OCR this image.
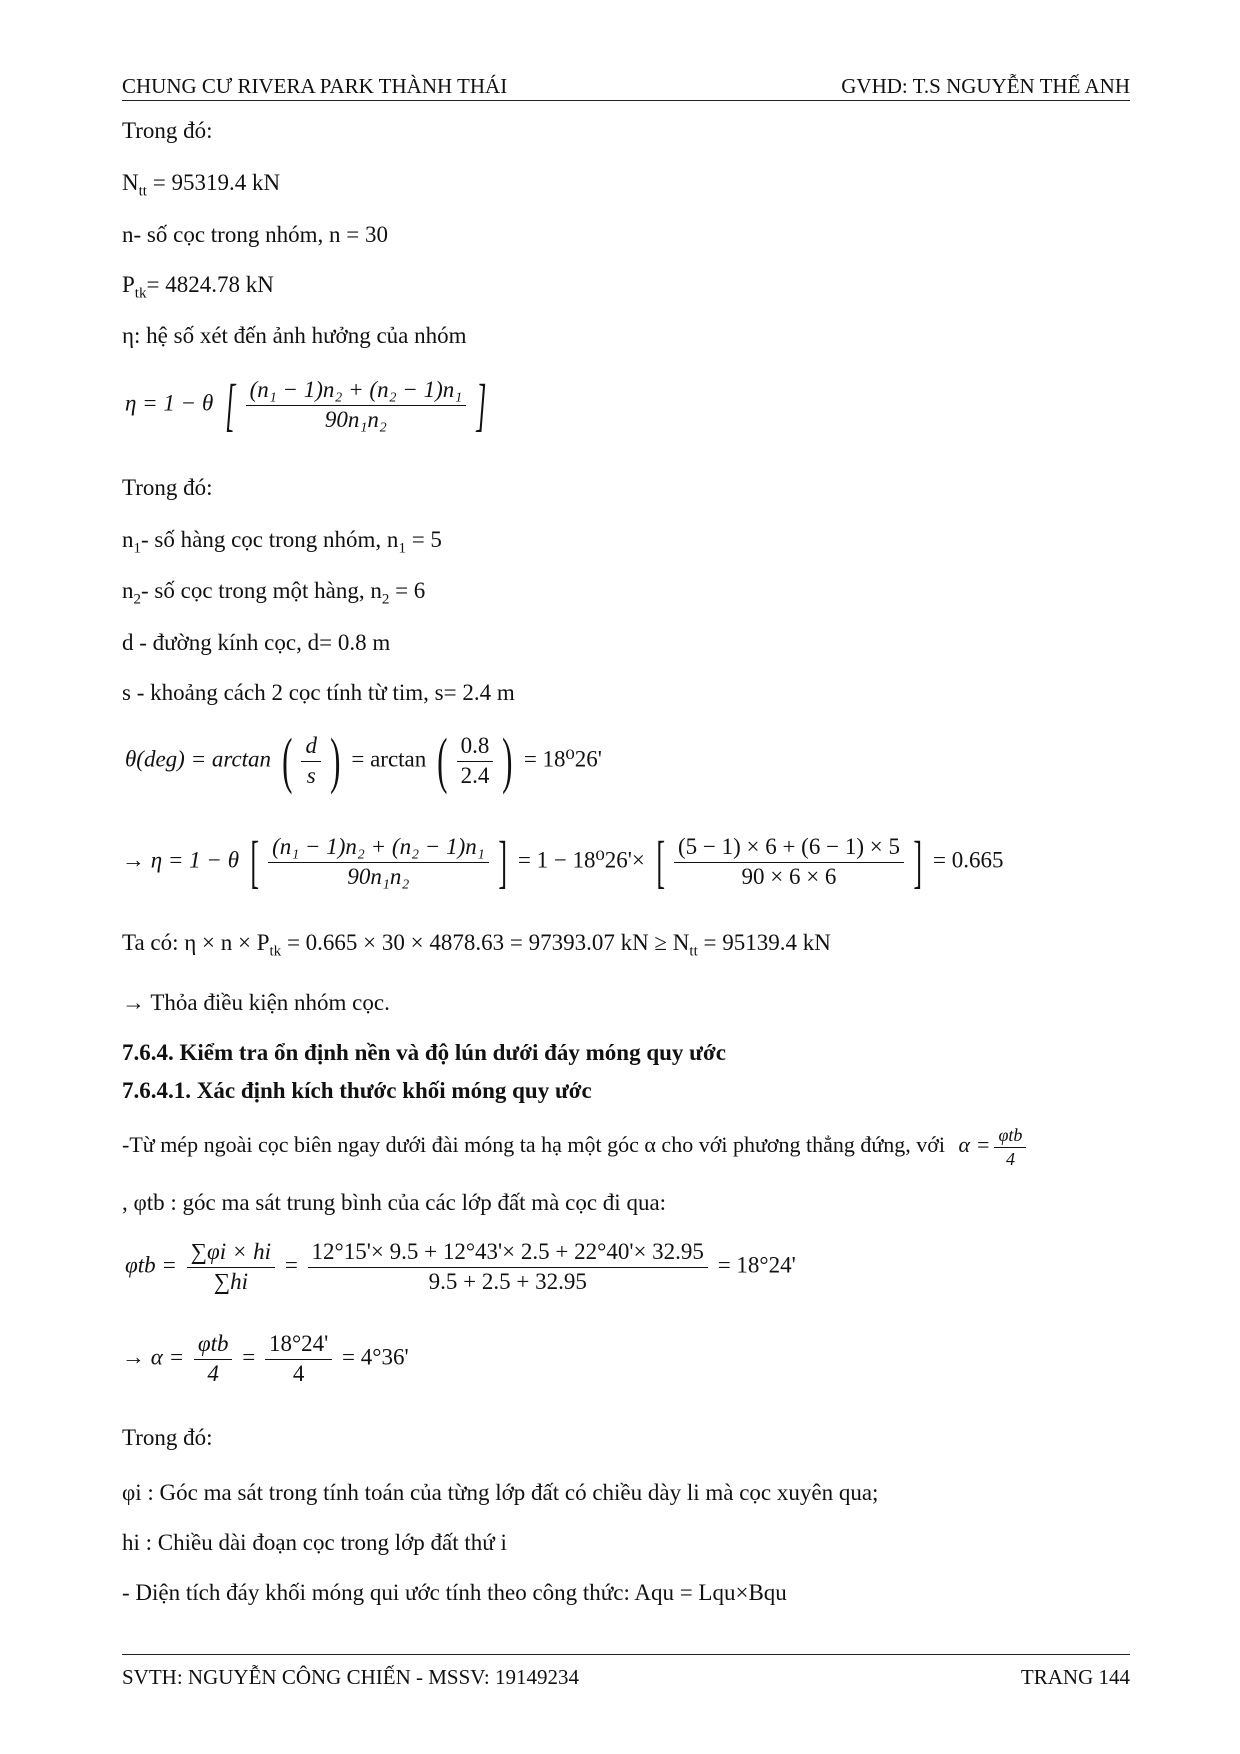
CHUNG CƯ RIVERA PARK THÀNH THÁI	GVHD: T.S NGUYỄN THẾ ANH
Trong đó:
$N_{tt} = 95319.4$ kN
n- số cọc trong nhóm, n = 30
$P_{tk}= 4824.78$ kN
η: hệ số xét đến ảnh hưởng của nhóm
η = 1 − θ [ $\frac{\text{(n₁ − 1)n₂ + (n₂ − 1)n₁}}{\text{90n₁n₂}}$ ]
Trong đó:
$n_1-$ số hàng cọc trong nhóm, $n_1 = 5$
$n_2-$ số cọc trong một hàng, $n_2 = 6$
d - đường kính cọc, d= 0.8 m
s - khoảng cách 2 cọc tính từ tim, s= 2.4 m
θ(deg) = arctan ( $\frac{d}{s}$ ) = arctan ( $\frac{0.8}{2.4}$ ) = 18⁰26'
→ η = 1 − θ [ $\frac{\text{(n₁ − 1)n₂ + (n₂ − 1)n₁}}{\text{90n₁n₂}}$ ] = 1 − 18⁰26'× [ $\frac{(5 - 1) \times 6 + (6 - 1) \times 5}{90 \times 6 \times 6}$ ] = 0.665
Ta có: $\eta \times n \times P_{tk} = 0.665 \times 30 \times 4878.63 = 97393.07$ kN ≥ $N_{tt} = 95139.4$ kN
→ Thỏa điều kiện nhóm cọc.
7.6.4. Kiểm tra ổn định nền và độ lún dưới đáy móng quy ước
7.6.4.1. Xác định kích thước khối móng quy ước
-Từ mép ngoài cọc biên ngay dưới đài móng ta hạ một góc α cho với phương thẳng đứng, với $\alpha = \frac{\text{φtb}}{4}$
, φtb : góc ma sát trung bình của các lớp đất mà cọc đi qua:
$\varphi tb = \frac{\sum\varphi i \times hi}{\sum hi} = \frac{12^\circ 15'\times 9.5 + 12^\circ 43'\times 2.5 + 22^\circ 40'\times 32.95}{9.5 + 2.5 + 32.95} = 18^\circ 24'$
→ $\alpha = \frac{\text{φtb}}{4} = \frac{18^\circ 24'}{4} = 4^\circ 36'$
Trong đó:
φi : Góc ma sát trong tính toán của từng lớp đất có chiều dày li mà cọc xuyên qua;
hi : Chiều dài đoạn cọc trong lớp đất thứ i
- Diện tích đáy khối móng qui ước tính theo công thức: Aqu = Lqu×Bqu
SVTH: NGUYỄN CÔNG CHIẾN - MSSV: 19149234	TRANG 144
